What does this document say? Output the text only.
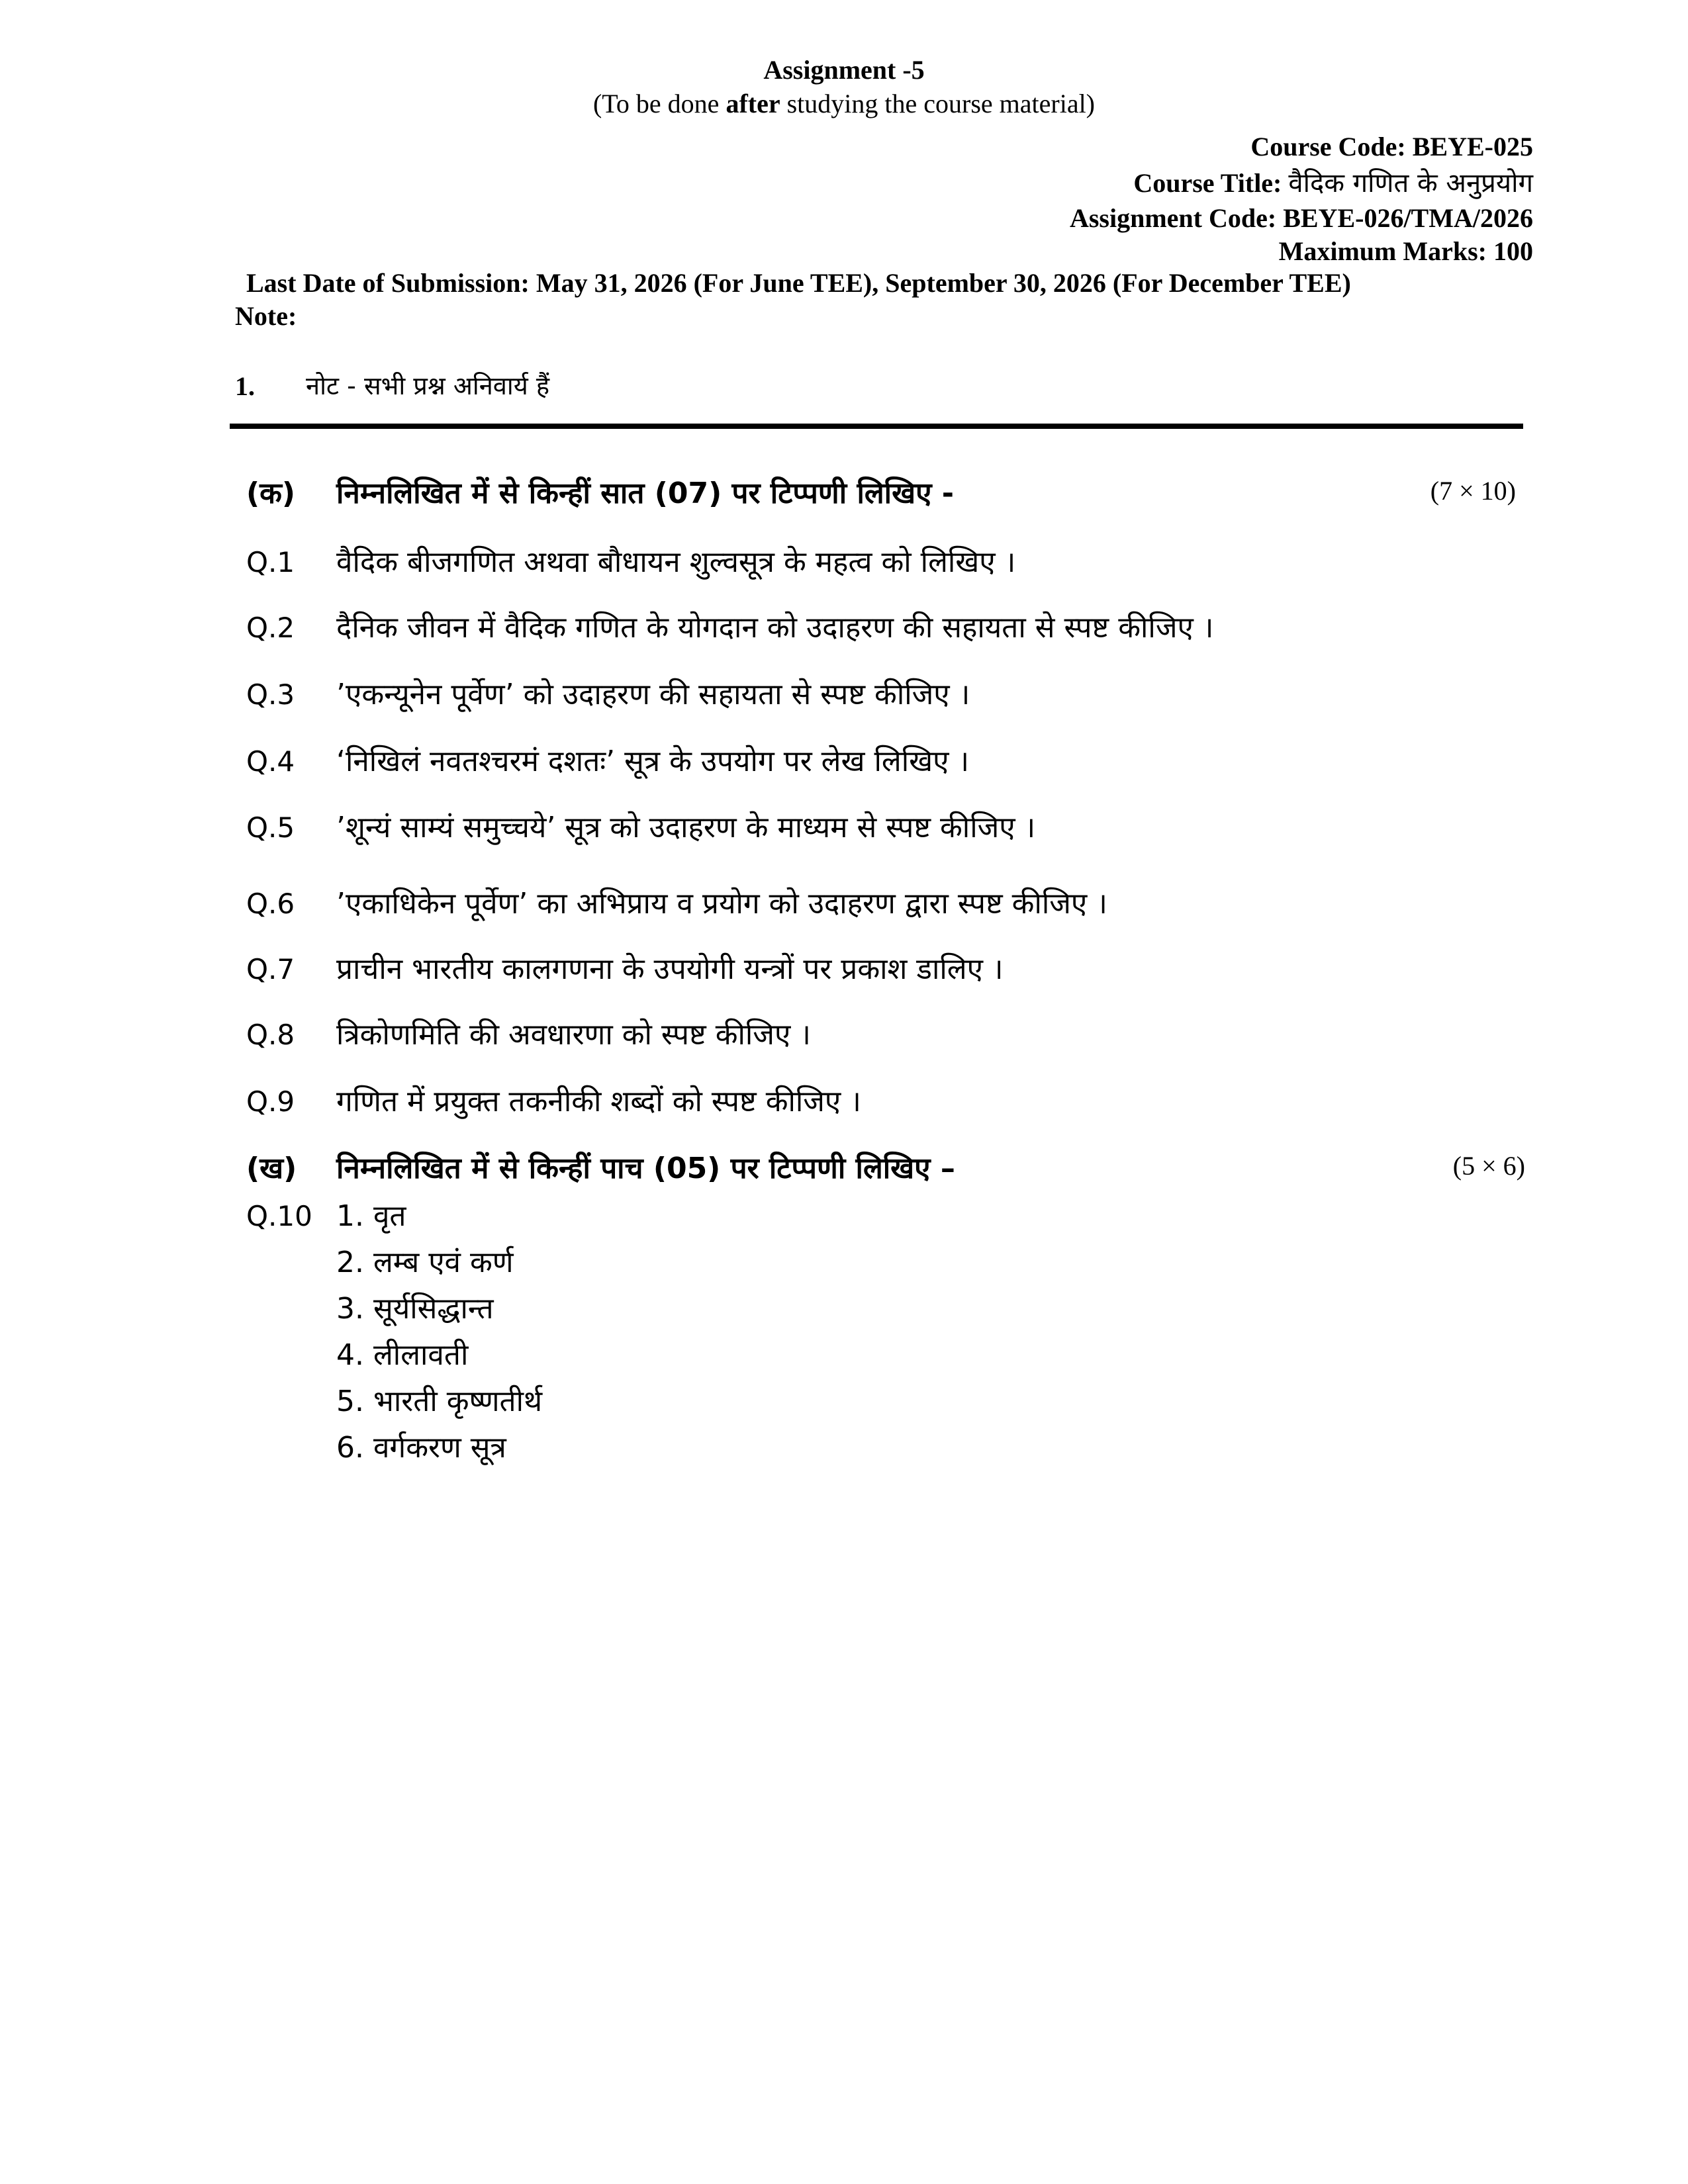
Assignment -5
(To be done after studying the course material)
Course Code: BEYE-025
Course Title: वैदिक गणित के अनुप्रयोग
Assignment Code: BEYE-026/TMA/2026
Maximum Marks: 100
Last Date of Submission: May 31, 2026 (For June TEE), September 30, 2026 (For December TEE)
Note:
1. नोट - सभी प्रश्न अनिवार्य हैं
(क) निम्नलिखित में से किन्हीं सात (07) पर टिप्पणी लिखिए -	(7 × 10)
Q.1 वैदिक बीजगणित अथवा बौधायन शुल्वसूत्र के महत्व को लिखिए ।
Q.2 दैनिक जीवन में वैदिक गणित के योगदान को उदाहरण की सहायता से स्पष्ट कीजिए ।
Q.3 ’एकन्यूनेन पूर्वेण’ को उदाहरण की सहायता से स्पष्ट कीजिए ।
Q.4 ‘निखिलं नवतश्चरमं दशतः’ सूत्र के उपयोग पर लेख लिखिए ।
Q.5 ’शून्यं साम्यं समुच्चये’ सूत्र को उदाहरण के माध्यम से स्पष्ट कीजिए ।
Q.6 ’एकाधिकेन पूर्वेण’ का अभिप्राय व प्रयोग को उदाहरण द्वारा स्पष्ट कीजिए ।
Q.7 प्राचीन भारतीय कालगणना के उपयोगी यन्त्रों पर प्रकाश डालिए ।
Q.8 त्रिकोणमिति की अवधारणा को स्पष्ट कीजिए ।
Q.9 गणित में प्रयुक्त तकनीकी शब्दों को स्पष्ट कीजिए ।
(ख) निम्नलिखित में से किन्हीं पाच (05) पर टिप्पणी लिखिए –	(5 × 6)
Q.10 1. वृत
2. लम्ब एवं कर्ण
3. सूर्यसिद्धान्त
4. लीलावती
5. भारती कृष्णतीर्थ
6. वर्गकरण सूत्र
